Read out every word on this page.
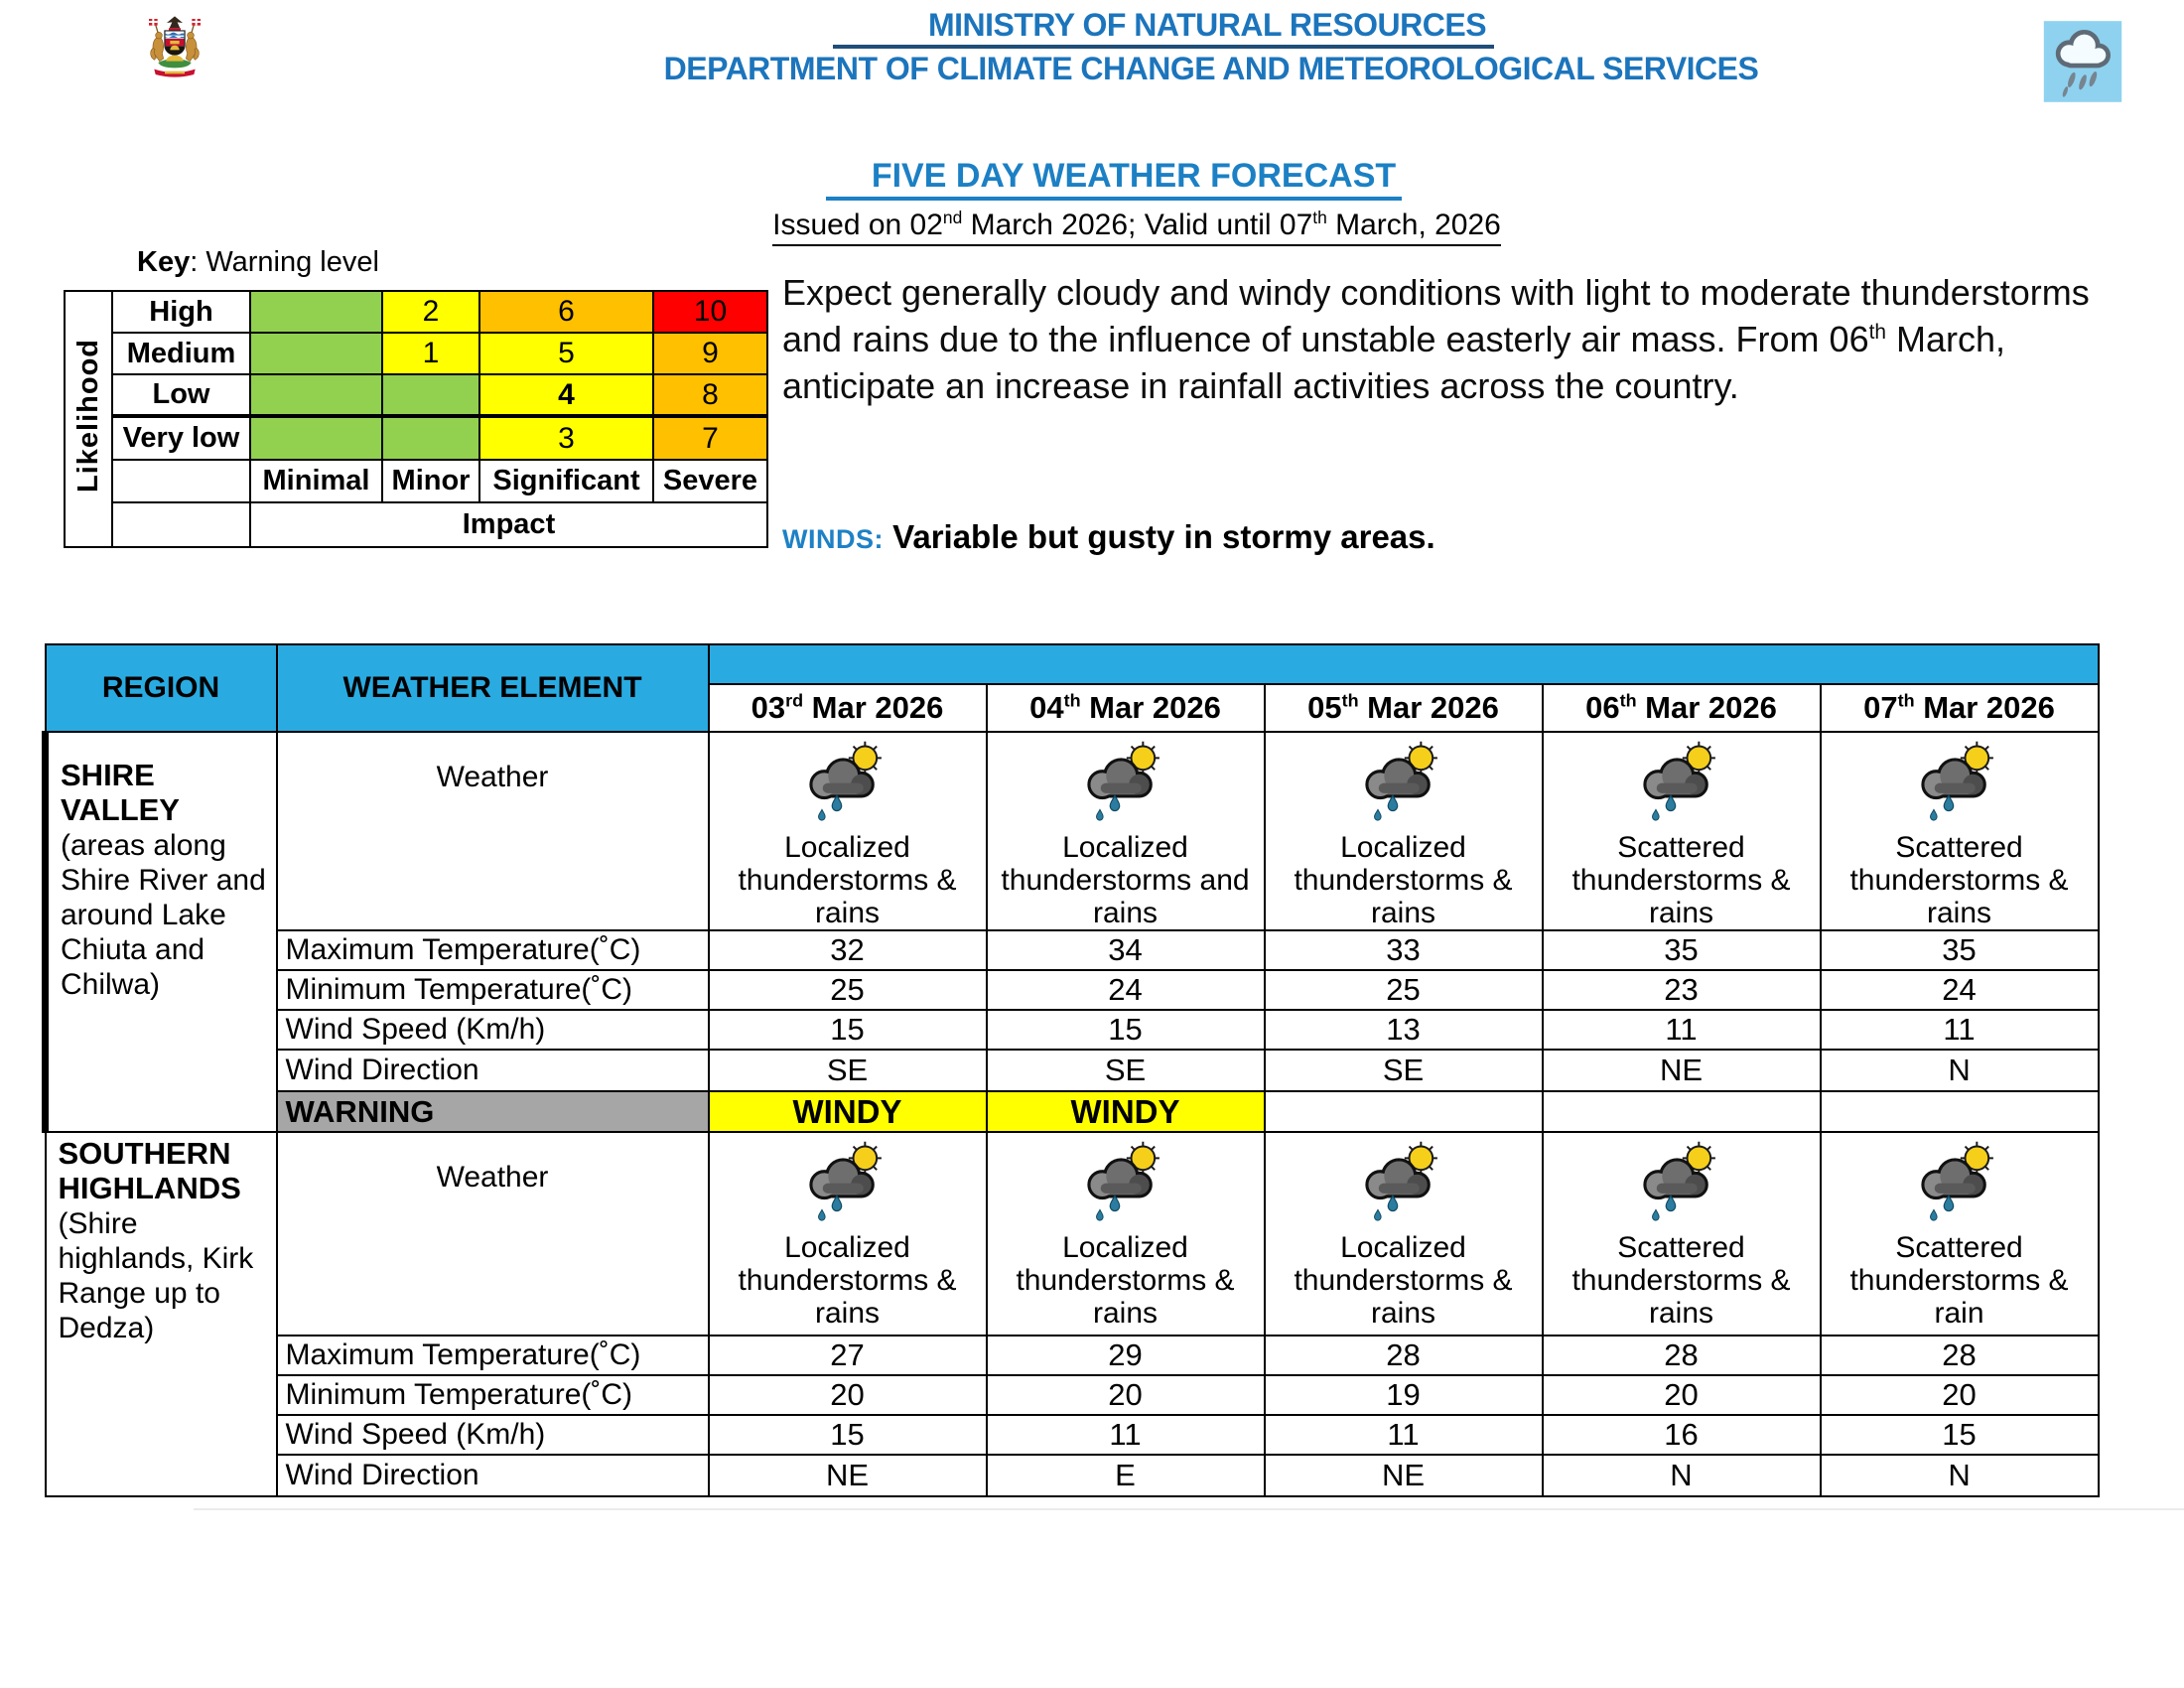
MINISTRY OF NATURAL RESOURCES
DEPARTMENT OF CLIMATE CHANGE AND METEOROLOGICAL SERVICES
FIVE DAY WEATHER FORECAST
Issued on 02nd March 2026; Valid until 07th March, 2026
Key: Warning level
Likelihood	High		2	6	10
	Medium		1	5	9
	Low			4	8
	Very low			3	7
		Minimal	Minor	Significant	Severe
		Impact			
Expect generally cloudy and windy conditions with light to moderate thunderstorms and rains due to the influence of unstable easterly air mass. From 06th March, anticipate an increase in rainfall activities across the country.
WINDS: Variable but gusty in stormy areas.
REGION	WEATHER ELEMENT					
		03rd Mar 2026	04th Mar 2026	05th Mar 2026	06th Mar 2026	07th Mar 2026

SHIRE VALLEY
(areas along Shire River and around Lake Chiuta and Chilwa)	Weather	Localized thunderstorms & rains	Localized thunderstorms and rains	Localized thunderstorms & rains	Scattered thunderstorms & rains	Scattered thunderstorms & rains

	Maximum Temperature(˚C)	32	34	33	35	35
	Minimum Temperature(˚C)	25	24	25	23	24
	Wind Speed (Km/h)	15	15	13	11	11
	Wind Direction	SE	SE	SE	NE	N
	WARNING	WINDY	WINDY			

SOUTHERN HIGHLANDS
(Shire highlands, Kirk Range up to Dedza)	Weather	Localized thunderstorms & rains	Localized thunderstorms & rains	Localized thunderstorms & rains	Scattered thunderstorms & rains	Scattered thunderstorms & rain

	Maximum Temperature(˚C)	27	29	28	28	28
	Minimum Temperature(˚C)	20	20	19	20	20
	Wind Speed (Km/h)	15	11	11	16	15
	Wind Direction	NE	E	NE	N	N
